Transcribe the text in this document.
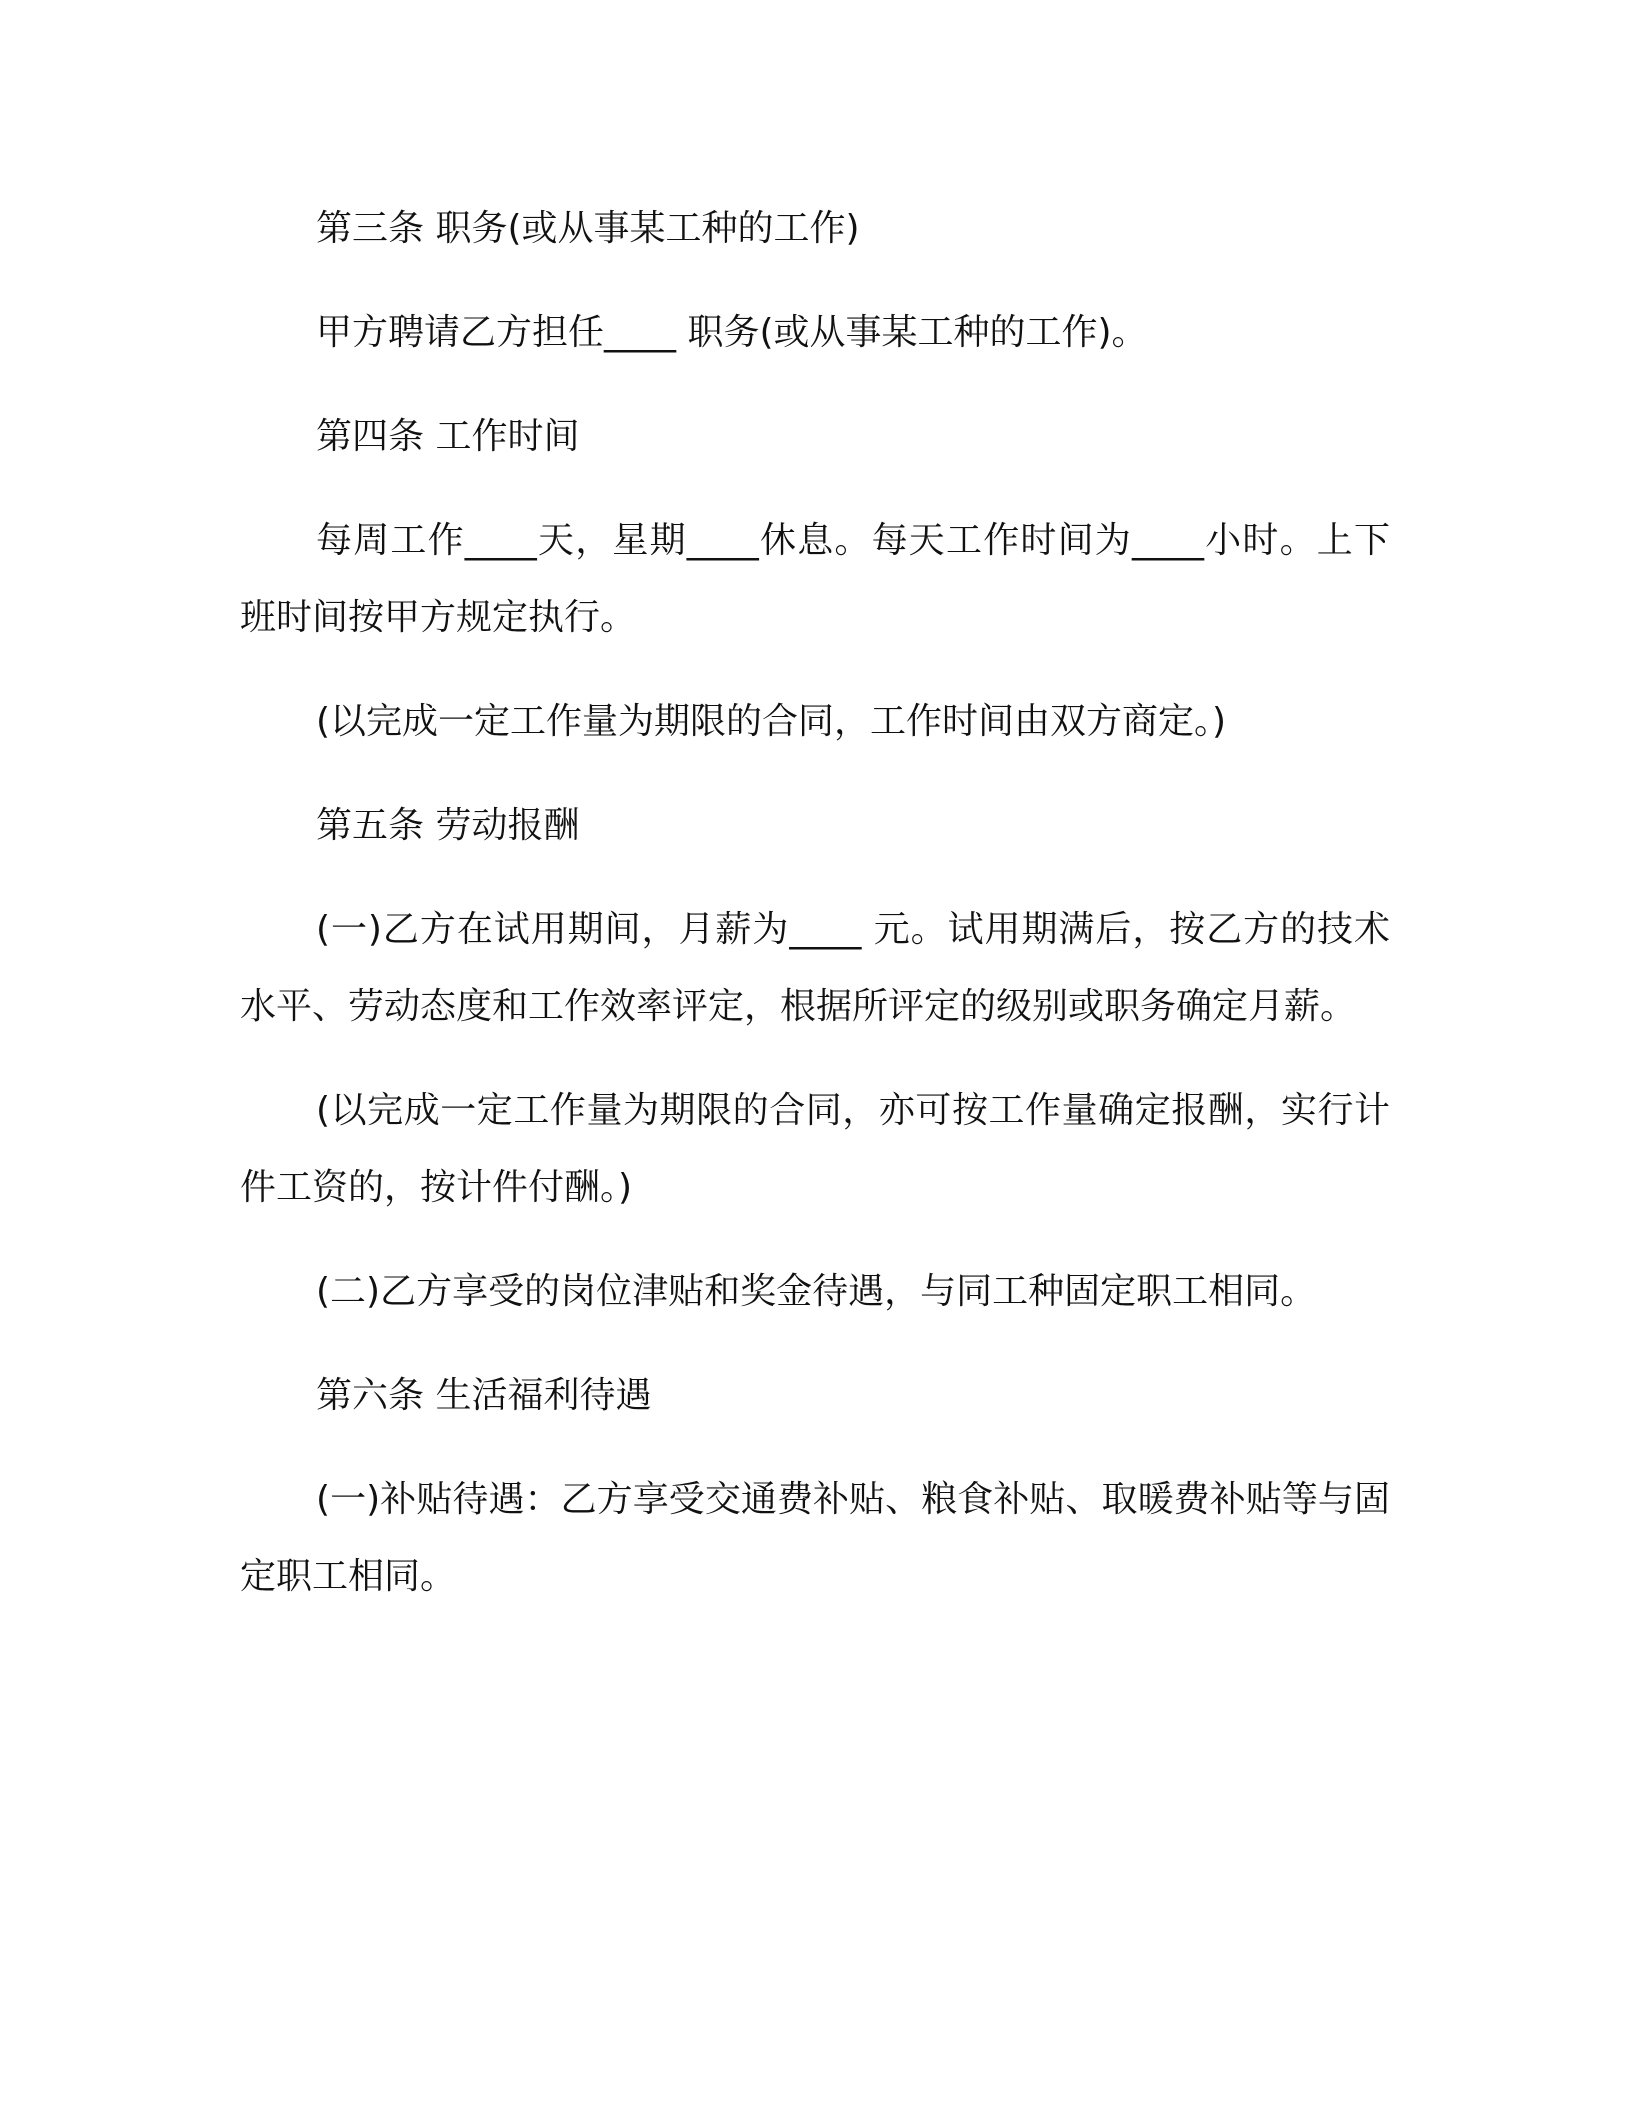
第三条 职务(或从事某工种的工作)

甲方聘请乙方担任____ 职务(或从事某工种的工作)。

第四条 工作时间

每周工作____天，星期____休息。每天工作时间为____小时。上下班时间按甲方规定执行。

(以完成一定工作量为期限的合同，工作时间由双方商定。)

第五条 劳动报酬

(一)乙方在试用期间，月薪为____ 元。试用期满后，按乙方的技术水平、劳动态度和工作效率评定，根据所评定的级别或职务确定月薪。

(以完成一定工作量为期限的合同，亦可按工作量确定报酬，实行计件工资的，按计件付酬。)

(二)乙方享受的岗位津贴和奖金待遇，与同工种固定职工相同。

第六条 生活福利待遇

(一)补贴待遇：乙方享受交通费补贴、粮食补贴、取暖费补贴等与固定职工相同。
